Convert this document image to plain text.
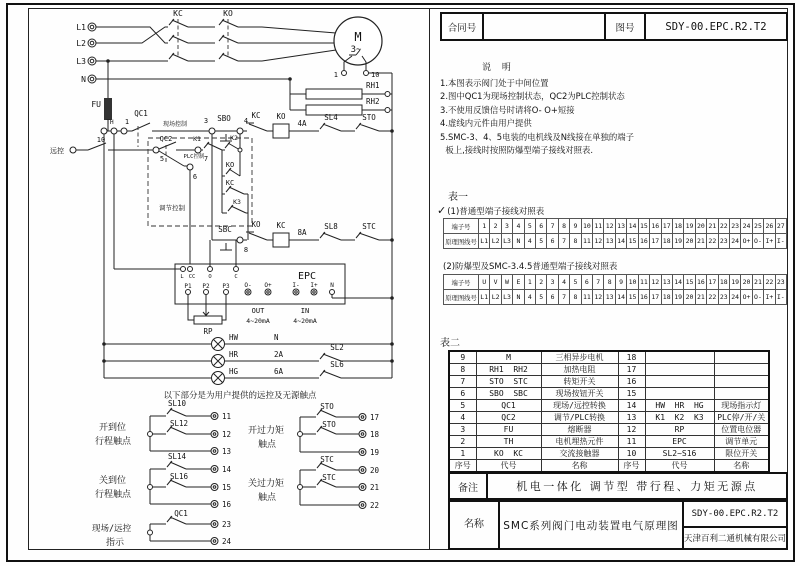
L1
L2
L3
N
KC	KO
M
3~
1	10
FU
RH1
RH2
TH
10
1
QC1
现场控制 3 SBO 4
KC KO
4A
SL4	STO
远控
QC2
5	PLC控制
K1
7
K2
KO
KC
K3
调节控制
6
SBC
8
KO KC
8A
SL8	STC
EPC
L CC O	C
P1 P2 P3 O- O+	I- I+ N
OUT
4~20mA
IN
4~20mA
RP
HW	N
HR	2A
SL2
HG	6A
SL6
以下部分是为用户提供的远控及无源触点
SL10
11
SL12
12
13
开到位
行程触点
SL14
14
SL16
15
16
关到位
行程触点
QC1
23
24
现场/远控
指示
STO
17
STO
18
19
开过力矩
触点
STC
20
STC
21
22
关过力矩
触点
合同号	图号	SDY-00.EPC.R2.T2
说 明
1.本图表示阀门处于中间位置
2.图中QC1为现场控制状态，QC2为PLC控制状态
3.不使用反馈信号时请将O- O+短接
4.虚线内元件由用户提供
5.SMC-3、4、5电装的电机线及N线接在单独的端子
板上,接线时按照防爆型端子接线对照表.
表一
✓(1)普通型端子接线对照表
端子号	1	2	3	4	5	6	7	8	9	10	11	12	13	14	15	16	17	18	19	20	21	22	23	24	25	26	27
原理图线号	L1	L2	L3	N	4	5	6	7	8	11	12	13	14	15	16	17	18	19	20	21	22	23	24	O+	O-	I+	I-
(2)防爆型及SMC-3.4.5普通型端子接线对照表
端子号	U	V	W	E	1	2	3	4	5	6	7	8	9	10	11	12	13	14	15	16	17	18	19	20	21	22	23
原理图线号	L1	L2	L3	N	4	5	6	7	8	11	12	13	14	15	16	17	18	19	20	21	22	23	24	O+	O-	I+	I-
表二
9	M	三相异步电机	18		
8	RH1  RH2	加热电阻	17		
7	STO  STC	转矩开关	16		
6	SBO  SBC	现场按钮开关	15		
5	QC1	现场/远控转换	14	HW  HR  HG	现场指示灯
4	QC2	调节/PLC转换	13	K1  K2  K3	PLC停/开/关
3	FU	熔断器	12	RP	位置电位器
2	TH	电机埋热元件	11	EPC	调节单元
1	KO  KC	交流接触器	10	SL2~S16	限位开关
序号	代号	名称	序号	代号	名称
备注	机电一体化 调节型 带行程、力矩无源点
名称	SMC系列阀门电动装置电气原理图
SDY-00.EPC.R2.T2
天津百利二通机械有限公司
